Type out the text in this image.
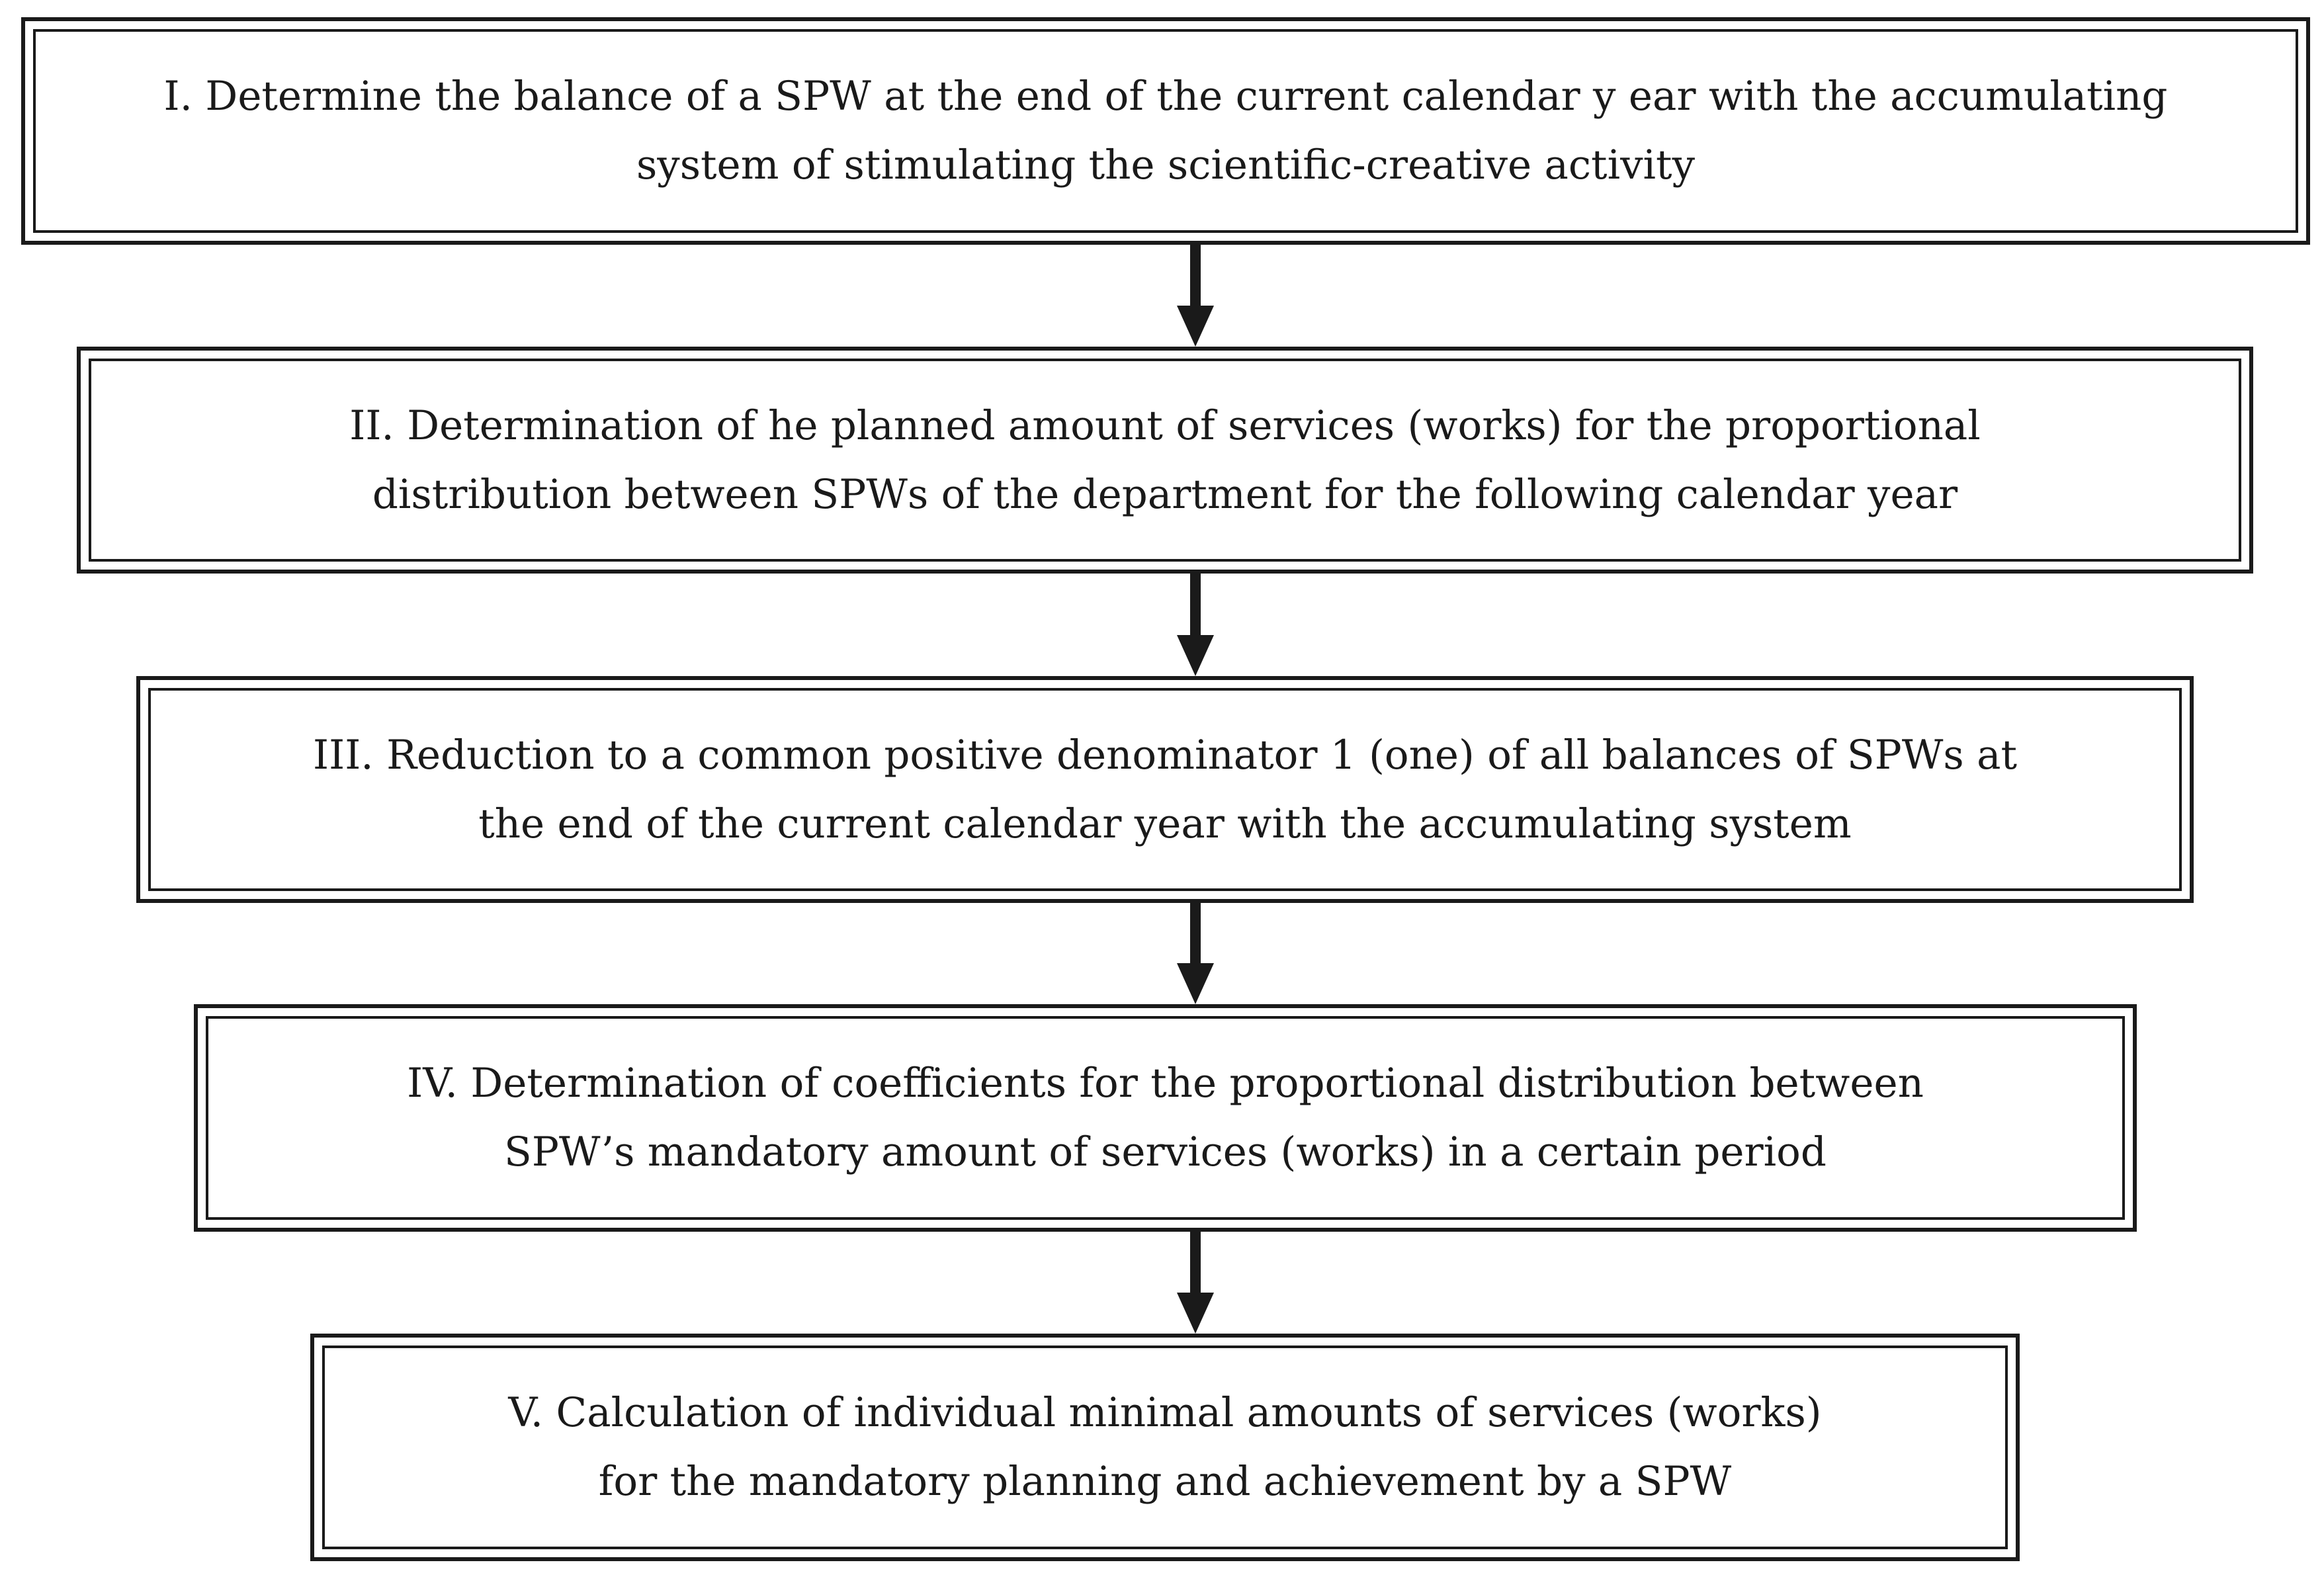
I. Determine the balance of a SPW at the end of the current calendar y ear with the accumulating
system of stimulating the scientific-creative activity
II. Determination of he planned amount of services (works) for the proportional
distribution between SPWs of the department for the following calendar year
III. Reduction to a common positive denominator 1 (one) of all balances of SPWs at
the end of the current calendar year with the accumulating system
IV. Determination of coefficients for the proportional distribution between
SPW’s mandatory amount of services (works) in a certain period
V. Calculation of individual minimal amounts of services (works)
for the mandatory planning and achievement by a SPW
